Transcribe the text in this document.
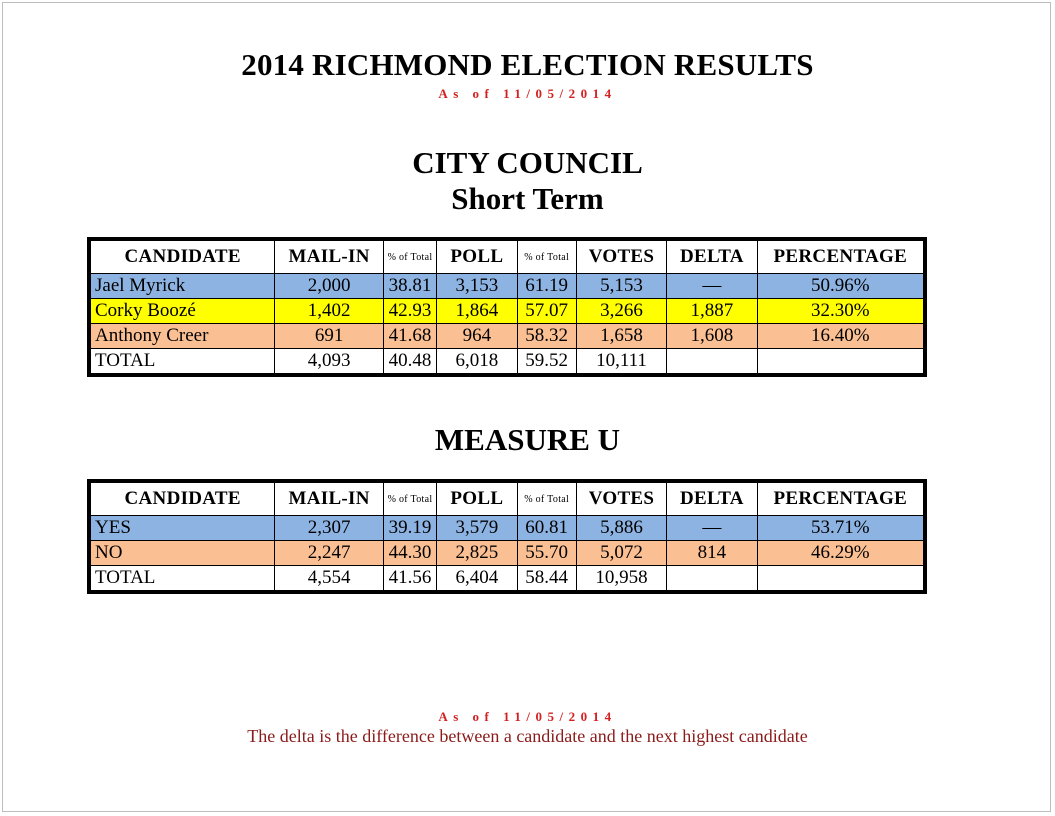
2014 RICHMOND ELECTION RESULTS
As of 11/05/2014
CITY COUNCIL
Short Term
CANDIDATE	MAIL-IN	% of Total	POLL	% of Total	VOTES	DELTA	PERCENTAGE
Jael Myrick	2,000	38.81	3,153	61.19	5,153	—	50.96%
Corky Boozé	1,402	42.93	1,864	57.07	3,266	1,887	32.30%
Anthony Creer	691	41.68	964	58.32	1,658	1,608	16.40%
TOTAL	4,093	40.48	6,018	59.52	10,111		
MEASURE U
CANDIDATE	MAIL-IN	% of Total	POLL	% of Total	VOTES	DELTA	PERCENTAGE
YES	2,307	39.19	3,579	60.81	5,886	—	53.71%
NO	2,247	44.30	2,825	55.70	5,072	814	46.29%
TOTAL	4,554	41.56	6,404	58.44	10,958		
As of 11/05/2014
The delta is the difference between a candidate and the next highest candidate
